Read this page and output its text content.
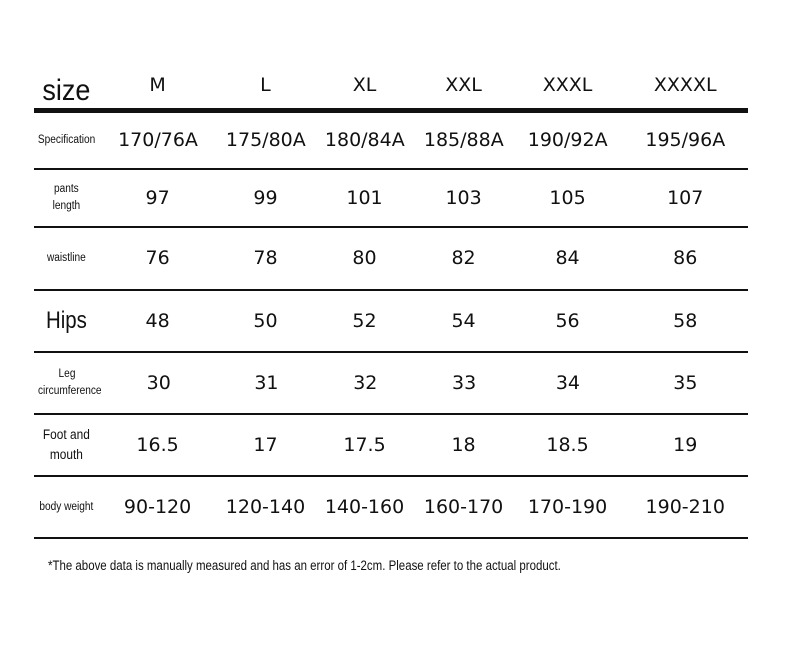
size	M	L	XL	XXL	XXXL	XXXXL
Specification	170/76A	175/80A	180/84A	185/88A	190/92A	195/96A
pants
length	97	99	101	103	105	107
waistline	76	78	80	82	84	86
Hips	48	50	52	54	56	58
Leg
circumference	30	31	32	33	34	35
Foot and
mouth	16.5	17	17.5	18	18.5	19
body weight	90-120	120-140	140-160	160-170	170-190	190-210
*The above data is manually measured and has an error of 1-2cm. Please refer to the actual product.
